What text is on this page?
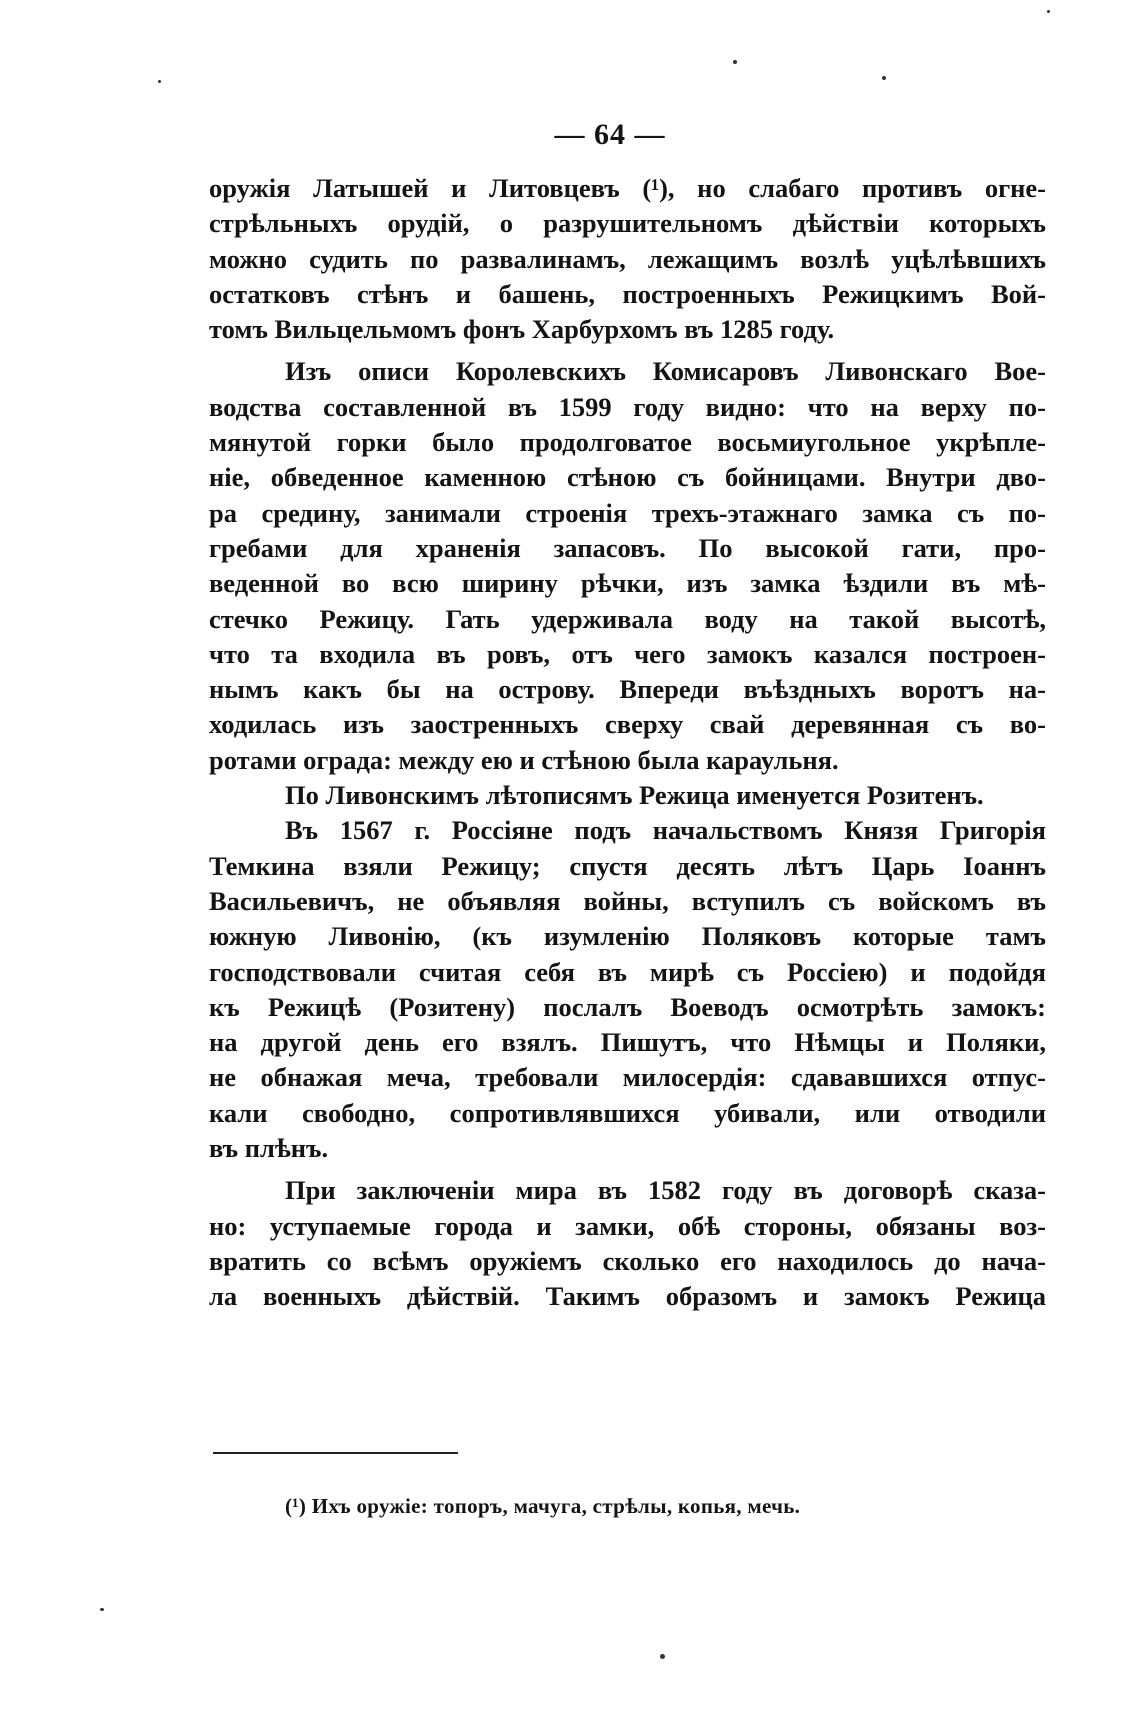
— 64 —
оружія Латышей и Литовцевъ (¹), но слабаго противъ огне-
стрѣльныхъ орудій, о разрушительномъ дѣйствіи которыхъ
можно судить по развалинамъ, лежащимъ возлѣ уцѣлѣвшихъ
остатковъ стѣнъ и башень, построенныхъ Режицкимъ Вой-
томъ Вильцельмомъ фонъ Харбурхомъ въ 1285 году.
Изъ описи Королевскихъ Комисаровъ Ливонскаго Вое-
водства составленной въ 1599 году видно: что на верху по-
мянутой горки было продолговатое восьмиугольное укрѣпле-
ніе, обведенное каменною стѣною съ бойницами. Внутри дво-
ра средину, занимали строенія трехъ-этажнаго замка съ по-
гребами для храненія запасовъ. По высокой гати, про-
веденной во всю ширину рѣчки, изъ замка ѣздили въ мѣ-
стечко Режицу. Гать удерживала воду на такой высотѣ,
что та входила въ ровъ, отъ чего замокъ казался построен-
нымъ какъ бы на острову. Впереди въѣздныхъ воротъ на-
ходилась изъ заостренныхъ сверху свай деревянная съ во-
ротами ограда: между ею и стѣною была караульня.
По Ливонскимъ лѣтописямъ Режица именуется Розитенъ.
Въ 1567 г. Россіяне подъ начальствомъ Князя Григорія
Темкина взяли Режицу; спустя десять лѣтъ Царь Іоаннъ
Васильевичъ, не объявляя войны, вступилъ съ войскомъ въ
южную Ливонію, (къ изумленію Поляковъ которые тамъ
господствовали считая себя въ мирѣ съ Россіею) и подойдя
къ Режицѣ (Розитену) послалъ Воеводъ осмотрѣть замокъ:
на другой день его взялъ. Пишутъ, что Нѣмцы и Поляки,
не обнажая меча, требовали милосердія: сдававшихся отпус-
кали свободно, сопротивлявшихся убивали, или отводили
въ плѣнъ.
При заключеніи мира въ 1582 году въ договорѣ сказа-
но: уступаемые города и замки, обѣ стороны, обязаны воз-
вратить со всѣмъ оружіемъ сколько его находилось до нача-
ла военныхъ дѣйствій. Такимъ образомъ и замокъ Режица
(¹) Ихъ оружіе: топоръ, мачуга, стрѣлы, копья, мечь.
